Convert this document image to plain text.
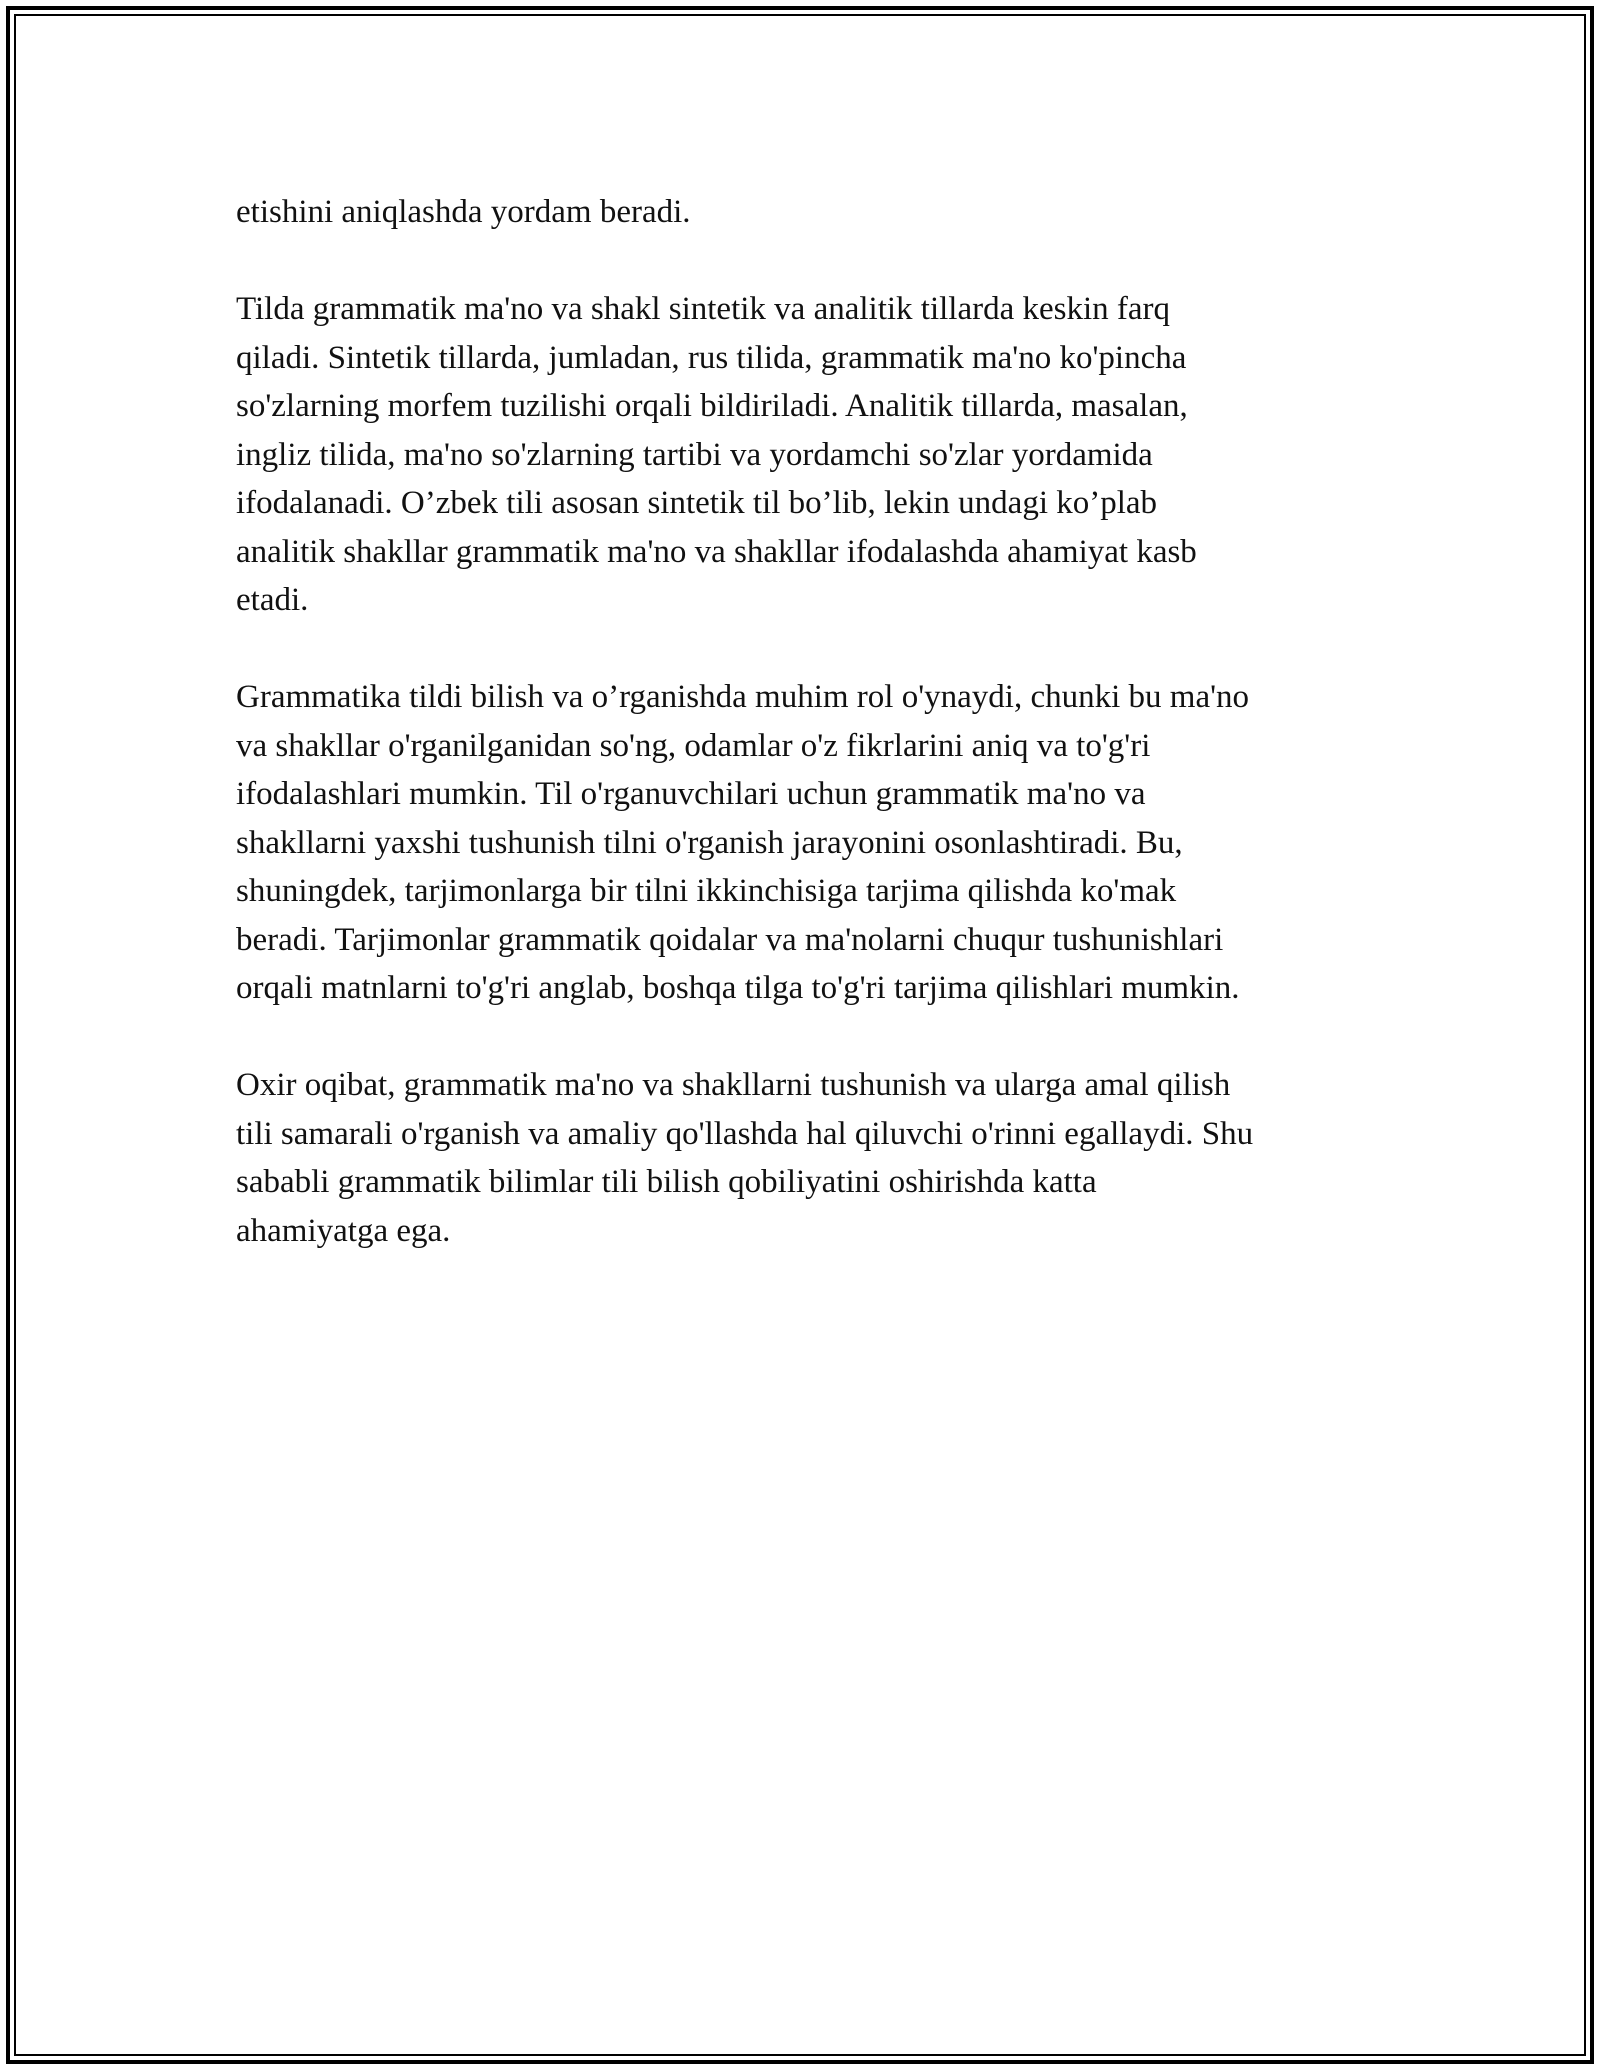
etishini aniqlashda yordam beradi.

Tilda grammatik ma'no va shakl sintetik va analitik tillarda keskin farq
qiladi. Sintetik tillarda, jumladan, rus tilida, grammatik ma'no ko'pincha
so'zlarning morfem tuzilishi orqali bildiriladi. Analitik tillarda, masalan,
ingliz tilida, ma'no so'zlarning tartibi va yordamchi so'zlar yordamida
ifodalanadi. O’zbek tili asosan sintetik til bo’lib, lekin undagi ko’plab
analitik shakllar grammatik ma'no va shakllar ifodalashda ahamiyat kasb
etadi.

Grammatika tildi bilish va o’rganishda muhim rol o'ynaydi, chunki bu ma'no
va shakllar o'rganilganidan so'ng, odamlar o'z fikrlarini aniq va to'g'ri
ifodalashlari mumkin. Til o'rganuvchilari uchun grammatik ma'no va
shakllarni yaxshi tushunish tilni o'rganish jarayonini osonlashtiradi. Bu,
shuningdek, tarjimonlarga bir tilni ikkinchisiga tarjima qilishda ko'mak
beradi. Tarjimonlar grammatik qoidalar va ma'nolarni chuqur tushunishlari
orqali matnlarni to'g'ri anglab, boshqa tilga to'g'ri tarjima qilishlari mumkin.

Oxir oqibat, grammatik ma'no va shakllarni tushunish va ularga amal qilish
tili samarali o'rganish va amaliy qo'llashda hal qiluvchi o'rinni egallaydi. Shu
sababli grammatik bilimlar tili bilish qobiliyatini oshirishda katta
ahamiyatga ega.
